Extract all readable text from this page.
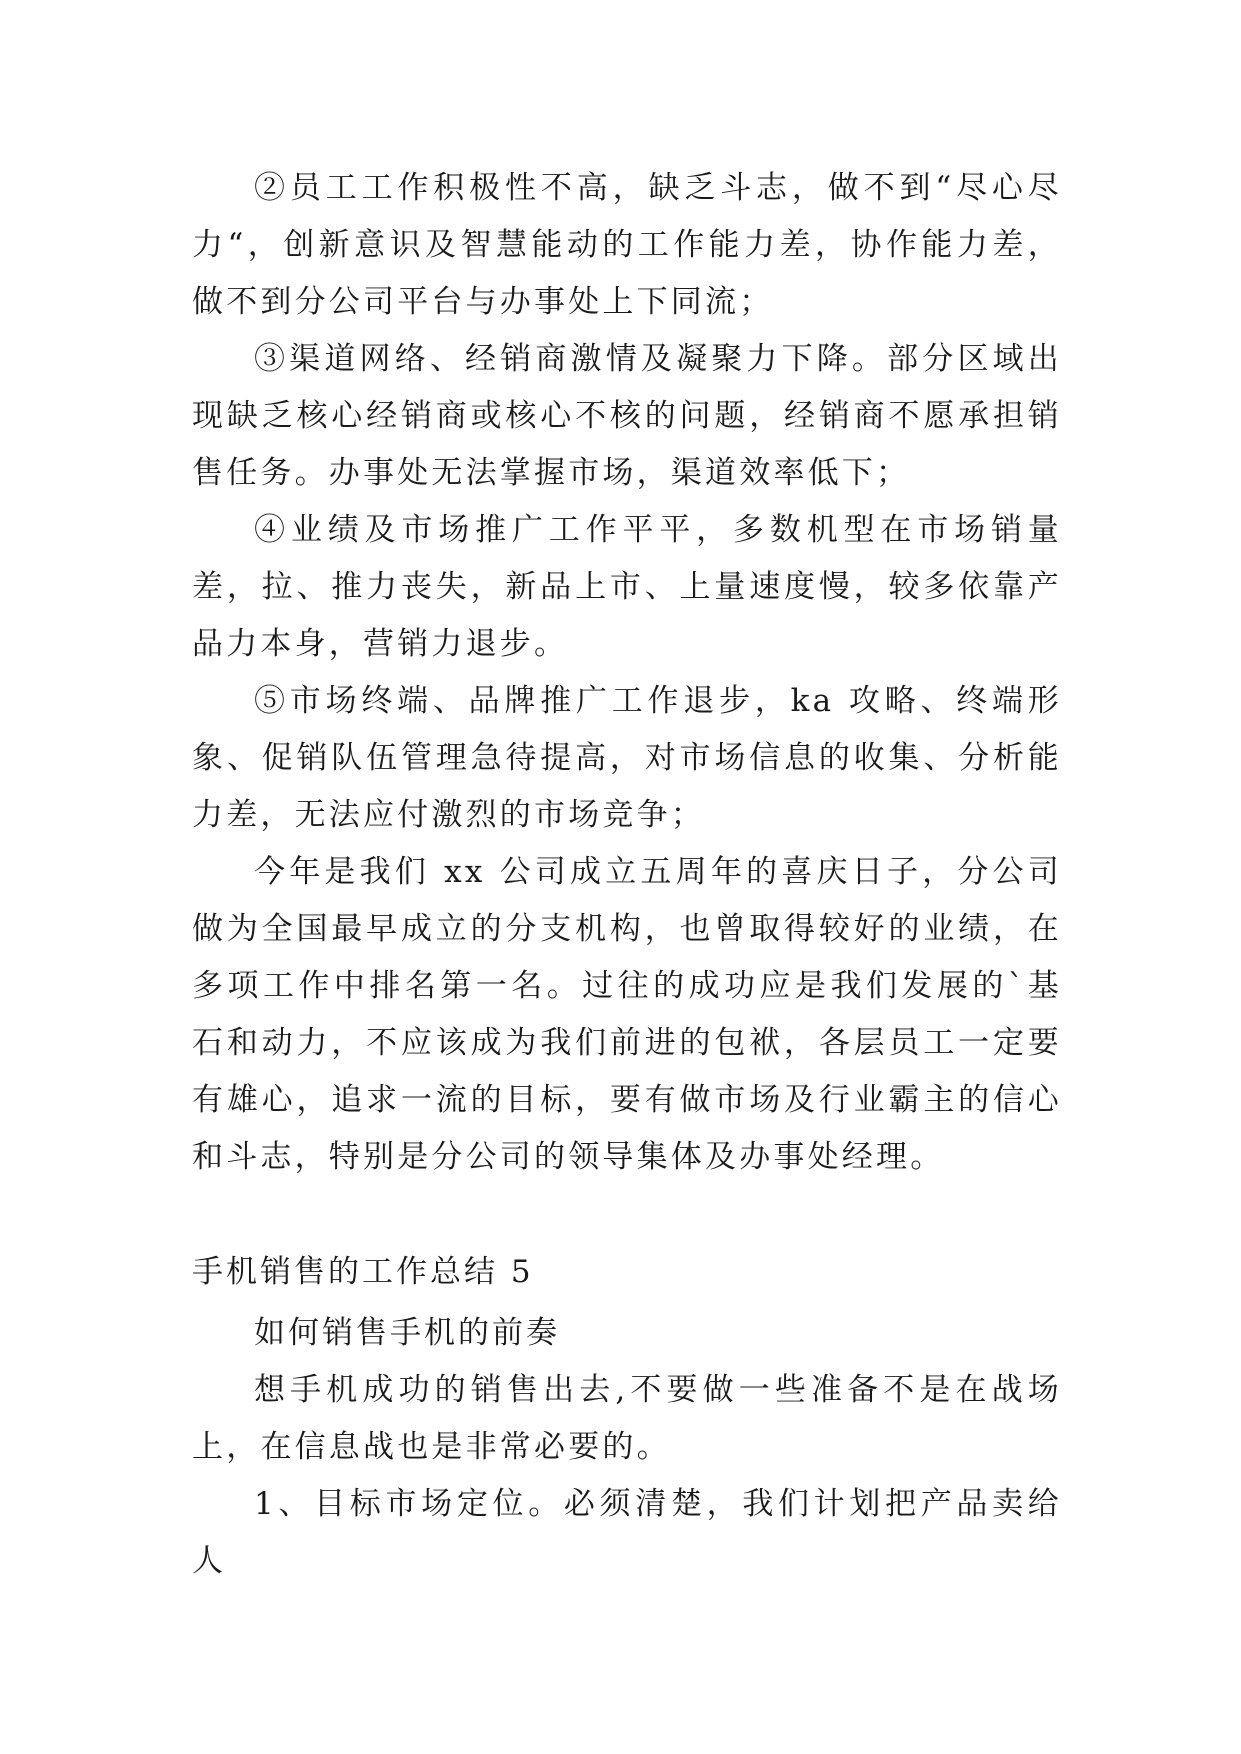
②员工工作积极性不高，缺乏斗志，做不到“尽心尽力“，创新意识及智慧能动的工作能力差，协作能力差，做不到分公司平台与办事处上下同流；

③渠道网络、经销商激情及凝聚力下降。部分区域出现缺乏核心经销商或核心不核的问题，经销商不愿承担销售任务。办事处无法掌握市场，渠道效率低下；

④业绩及市场推广工作平平，多数机型在市场销量差，拉、推力丧失，新品上市、上量速度慢，较多依靠产品力本身，营销力退步。

⑤市场终端、品牌推广工作退步，ka 攻略、终端形象、促销队伍管理急待提高，对市场信息的收集、分析能力差，无法应付激烈的市场竞争；

今年是我们 xx 公司成立五周年的喜庆日子，分公司做为全国最早成立的分支机构，也曾取得较好的业绩，在多项工作中排名第一名。过往的成功应是我们发展的`基石和动力，不应该成为我们前进的包袱，各层员工一定要有雄心，追求一流的目标，要有做市场及行业霸主的信心和斗志，特别是分公司的领导集体及办事处经理。

手机销售的工作总结 5

如何销售手机的前奏

想手机成功的销售出去,不要做一些准备不是在战场上，在信息战也是非常必要的。

1、目标市场定位。必须清楚，我们计划把产品卖给人
